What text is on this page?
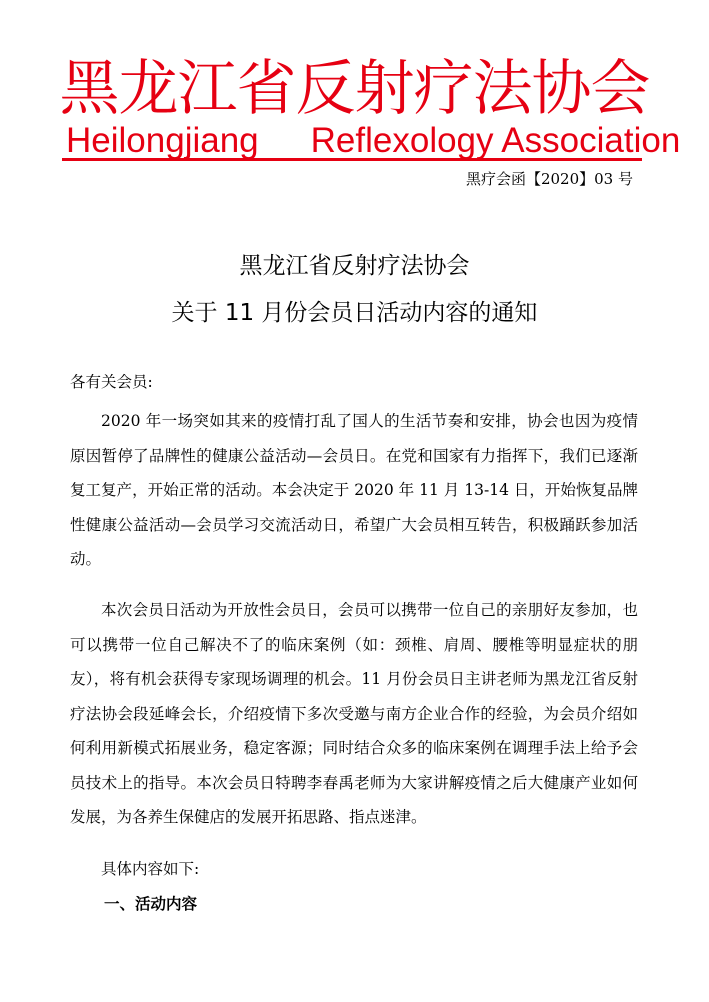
黑龙江省反射疗法协会
Heilongjiang Reflexology Association
黑疗会函【2020】03 号
黑龙江省反射疗法协会
关于 11 月份会员日活动内容的通知
各有关会员:

2020 年一场突如其来的疫情打乱了国人的生活节奏和安排，协会也因为疫情原因暂停了品牌性的健康公益活动—会员日。在党和国家有力指挥下，我们已逐渐复工复产，开始正常的活动。本会决定于 2020 年 11 月 13-14 日，开始恢复品牌性健康公益活动—会员学习交流活动日，希望广大会员相互转告，积极踊跃参加活动。

本次会员日活动为开放性会员日，会员可以携带一位自己的亲朋好友参加，也可以携带一位自己解决不了的临床案例（如：颈椎、肩周、腰椎等明显症状的朋友），将有机会获得专家现场调理的机会。11 月份会员日主讲老师为黑龙江省反射疗法协会段延峰会长，介绍疫情下多次受邀与南方企业合作的经验，为会员介绍如何利用新模式拓展业务，稳定客源；同时结合众多的临床案例在调理手法上给予会员技术上的指导。本次会员日特聘李春禹老师为大家讲解疫情之后大健康产业如何发展，为各养生保健店的发展开拓思路、指点迷津。

具体内容如下:

一、活动内容
